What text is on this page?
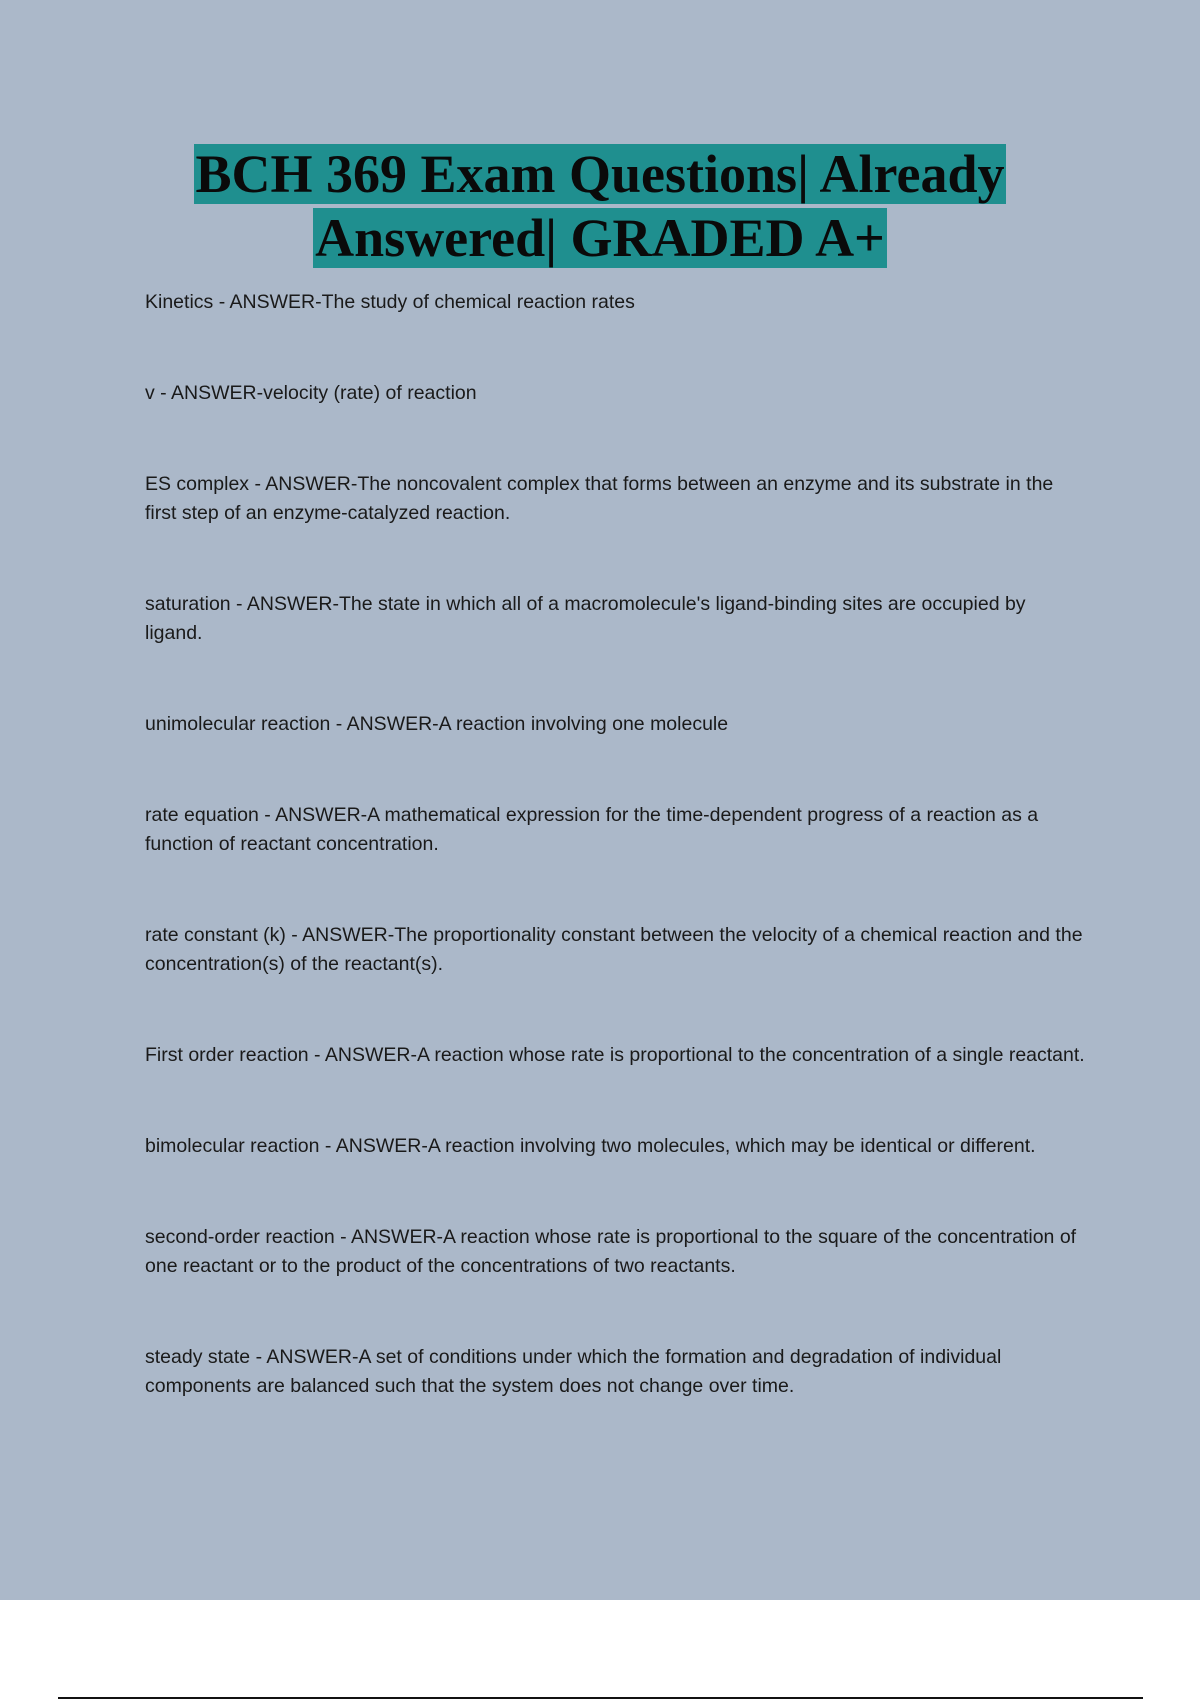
BCH 369 Exam Questions| Already
Answered| GRADED A+

Kinetics - ANSWER-The study of chemical reaction rates

v - ANSWER-velocity (rate) of reaction

ES complex - ANSWER-The noncovalent complex that forms between an enzyme and its substrate in the first step of an enzyme-catalyzed reaction.

saturation - ANSWER-The state in which all of a macromolecule's ligand-binding sites are occupied by ligand.

unimolecular reaction - ANSWER-A reaction involving one molecule

rate equation - ANSWER-A mathematical expression for the time-dependent progress of a reaction as a function of reactant concentration.

rate constant (k) - ANSWER-The proportionality constant between the velocity of a chemical reaction and the concentration(s) of the reactant(s).

First order reaction - ANSWER-A reaction whose rate is proportional to the concentration of a single reactant.

bimolecular reaction - ANSWER-A reaction involving two molecules, which may be identical or different.

second-order reaction - ANSWER-A reaction whose rate is proportional to the square of the concentration of one reactant or to the product of the concentrations of two reactants.

steady state - ANSWER-A set of conditions under which the formation and degradation of individual components are balanced such that the system does not change over time.
